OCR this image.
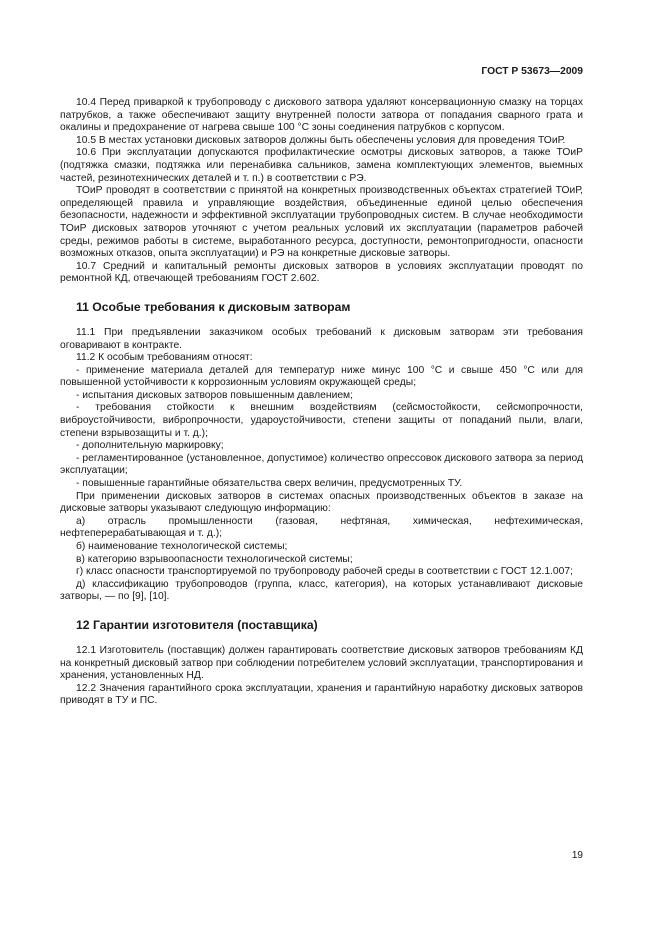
ГОСТ Р 53673—2009

10.4 Перед приваркой к трубопроводу с дискового затвора удаляют консервационную смазку на торцах патрубков, а также обеспечивают защиту внутренней полости затвора от попадания сварного грата и окалины и предохранение от нагрева свыше 100 °С зоны соединения патрубков с корпусом.

10.5 В местах установки дисковых затворов должны быть обеспечены условия для проведения ТОиР.

10.6 При эксплуатации допускаются профилактические осмотры дисковых затворов, а также ТОиР (подтяжка смазки, подтяжка или перенабивка сальников, замена комплектующих элементов, выемных частей, резинотехнических деталей и т. п.) в соответствии с РЭ.

ТОиР проводят в соответствии с принятой на конкретных производственных объектах стратегией ТОиР, определяющей правила и управляющие воздействия, объединенные единой целью обеспечения безопасности, надежности и эффективной эксплуатации трубопроводных систем. В случае необходимости ТОиР дисковых затворов уточняют с учетом реальных условий их эксплуатации (параметров рабочей среды, режимов работы в системе, выработанного ресурса, доступности, ремонтопригодности, опасности возможных отказов, опыта эксплуатации) и РЭ на конкретные дисковые затворы.

10.7 Средний и капитальный ремонты дисковых затворов в условиях эксплуатации проводят по ремонтной КД, отвечающей требованиям ГОСТ 2.602.

11 Особые требования к дисковым затворам

11.1 При предъявлении заказчиком особых требований к дисковым затворам эти требования оговаривают в контракте.

11.2 К особым требованиям относят:

- применение материала деталей для температур ниже минус 100 °С и свыше 450 °С или для повышенной устойчивости к коррозионным условиям окружающей среды;

- испытания дисковых затворов повышенным давлением;

- требования стойкости к внешним воздействиям (сейсмостойкости, сейсмопрочности, виброустойчивости, вибропрочности, удароустойчивости, степени защиты от попаданий пыли, влаги, степени взрывозащиты и т. д.);

- дополнительную маркировку;

- регламентированное (установленное, допустимое) количество опрессовок дискового затвора за период эксплуатации;

- повышенные гарантийные обязательства сверх величин, предусмотренных ТУ.

При применении дисковых затворов в системах опасных производственных объектов в заказе на дисковые затворы указывают следующую информацию:

а) отрасль промышленности (газовая, нефтяная, химическая, нефтехимическая, нефтеперерабатывающая и т. д.);

б) наименование технологической системы;

в) категорию взрывоопасности технологической системы;

г) класс опасности транспортируемой по трубопроводу рабочей среды в соответствии с ГОСТ 12.1.007;

д) классификацию трубопроводов (группа, класс, категория), на которых устанавливают дисковые затворы, — по [9], [10].

12 Гарантии изготовителя (поставщика)

12.1 Изготовитель (поставщик) должен гарантировать соответствие дисковых затворов требованиям КД на конкретный дисковый затвор при соблюдении потребителем условий эксплуатации, транспортирования и хранения, установленных НД.

12.2 Значения гарантийного срока эксплуатации, хранения и гарантийную наработку дисковых затворов приводят в ТУ и ПС.

19
